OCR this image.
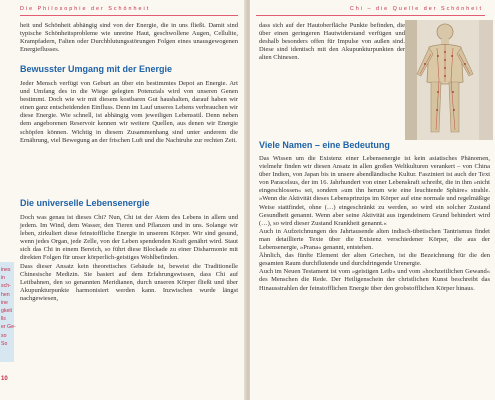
Die Philosophie der Schönheit

heit und Schönheit abhängig sind von der Energie, die in uns fließt. Damit sind typische Schönheitsprobleme wie unreine Haut, geschwollene Augen, Cellulite, Krampfadern, Falten oder Durchblutungsstörungen Folgen eines unausgewogenen Energieflusses.

Bewusster Umgang mit der Energie

Jeder Mensch verfügt von Geburt an über ein bestimmtes Depot an Energie. Art und Umfang des in die Wiege gelegten Potenzials wird von unseren Genen bestimmt. Doch wie wir mit diesem kostbaren Gut haushalten, darauf haben wir einen ganz entscheidenden Einfluss. Denn im Lauf unseres Lebens verbrauchen wir diese Energie. Wie schnell, ist abhängig vom jeweiligen Lebensstil. Denn neben dem angeborenen Reservoir kennen wir weitere Quellen, aus denen wir Energie schöpfen können. Wichtig in diesem Zusammenhang sind unter anderem die Ernährung, viel Bewegung an der frischen Luft und die Nachtruhe zur rechten Zeit.

Die universelle Lebensenergie

Doch was genau ist dieses Chi? Nun, Chi ist der Atem des Lebens in allem und jedem. Im Wind, dem Wasser, den Tieren und Pflanzen und in uns. Solange wir leben, zirkuliert diese feinstoffliche Energie in unserem Körper. Wir sind gesund, wenn jedes Organ, jede Zelle, von der Leben spendenden Kraft genährt wird. Staut sich das Chi in einem Bereich, so führt diese Blockade zu einer Disharmonie mit direkten Folgen für unser körperlich-geistiges Wohlbefinden.

Dass dieser Ansatz kein theoretisches Gebäude ist, beweist die Traditionelle Chinesische Medizin. Sie basiert auf dem Erfahrungswissen, dass Chi auf Leitbahnen, den so genannten Meridianen, durch unseren Körper fließt und über Akupunkturpunkte harmonisiert werden kann. Inzwischen wurde längst nachgewiesen,

10
ines
in
sch-
hen
ine
gkeit
lls
er Ge-
so
So
Chi – die Quelle der Schönheit

dass sich auf der Hautoberfläche Punkte befinden, die über einen geringeren Hautwiderstand verfügen und deshalb besonders offen für Impulse von außen sind. Diese sind identisch mit den Akupunkturpunkten der alten Chinesen.

Viele Namen – eine Bedeutung

Das Wissen um die Existenz einer Lebensenergie ist kein asiatisches Phänomen, vielmehr finden wir diesen Ansatz in allen großen Weltkulturen verankert – von China über Indien, von Japan bis in unsere abendländische Kultur. Fasziniert ist auch der Text von Paracelsus, der im 16. Jahrhundert von einer Lebenskraft schreibt, die in ihm »nicht eingeschlossen« sei, sondern »um ihn herum wie eine leuchtende Sphäre« strahle. »Wenn die Aktivität dieses Lebensprinzips im Körper auf eine normale und regelmäßige Weise stattfindet, ohne (…) eingeschränkt zu werden, so wird ein solcher Zustand Gesundheit genannt. Wenn aber seine Aktivität aus irgendeinem Grund behindert wird (…), so wird dieser Zustand Krankheit genannt.«

Auch in Aufzeichnungen des Jahrtausende alten indisch-tibetischen Tantrismus findet man detaillierte Texte über die Existenz verschiedener Körper, die aus der Lebensenergie, »Prana« genannt, entstehen.

Ähnlich, das fünfte Element der alten Griechen, ist die Bezeichnung für die den gesamten Raum durchflutende und durchdringende Urenergie.

Auch im Neuen Testament ist vom »geistigen Leib« und vom »hochzeitlichen Gewand« des Menschen die Rede. Der Heiligenschein der christlichen Kunst beschreibt das Hinausstrahlen der feinstofflichen Energie über den grobstofflichen Körper hinaus.
